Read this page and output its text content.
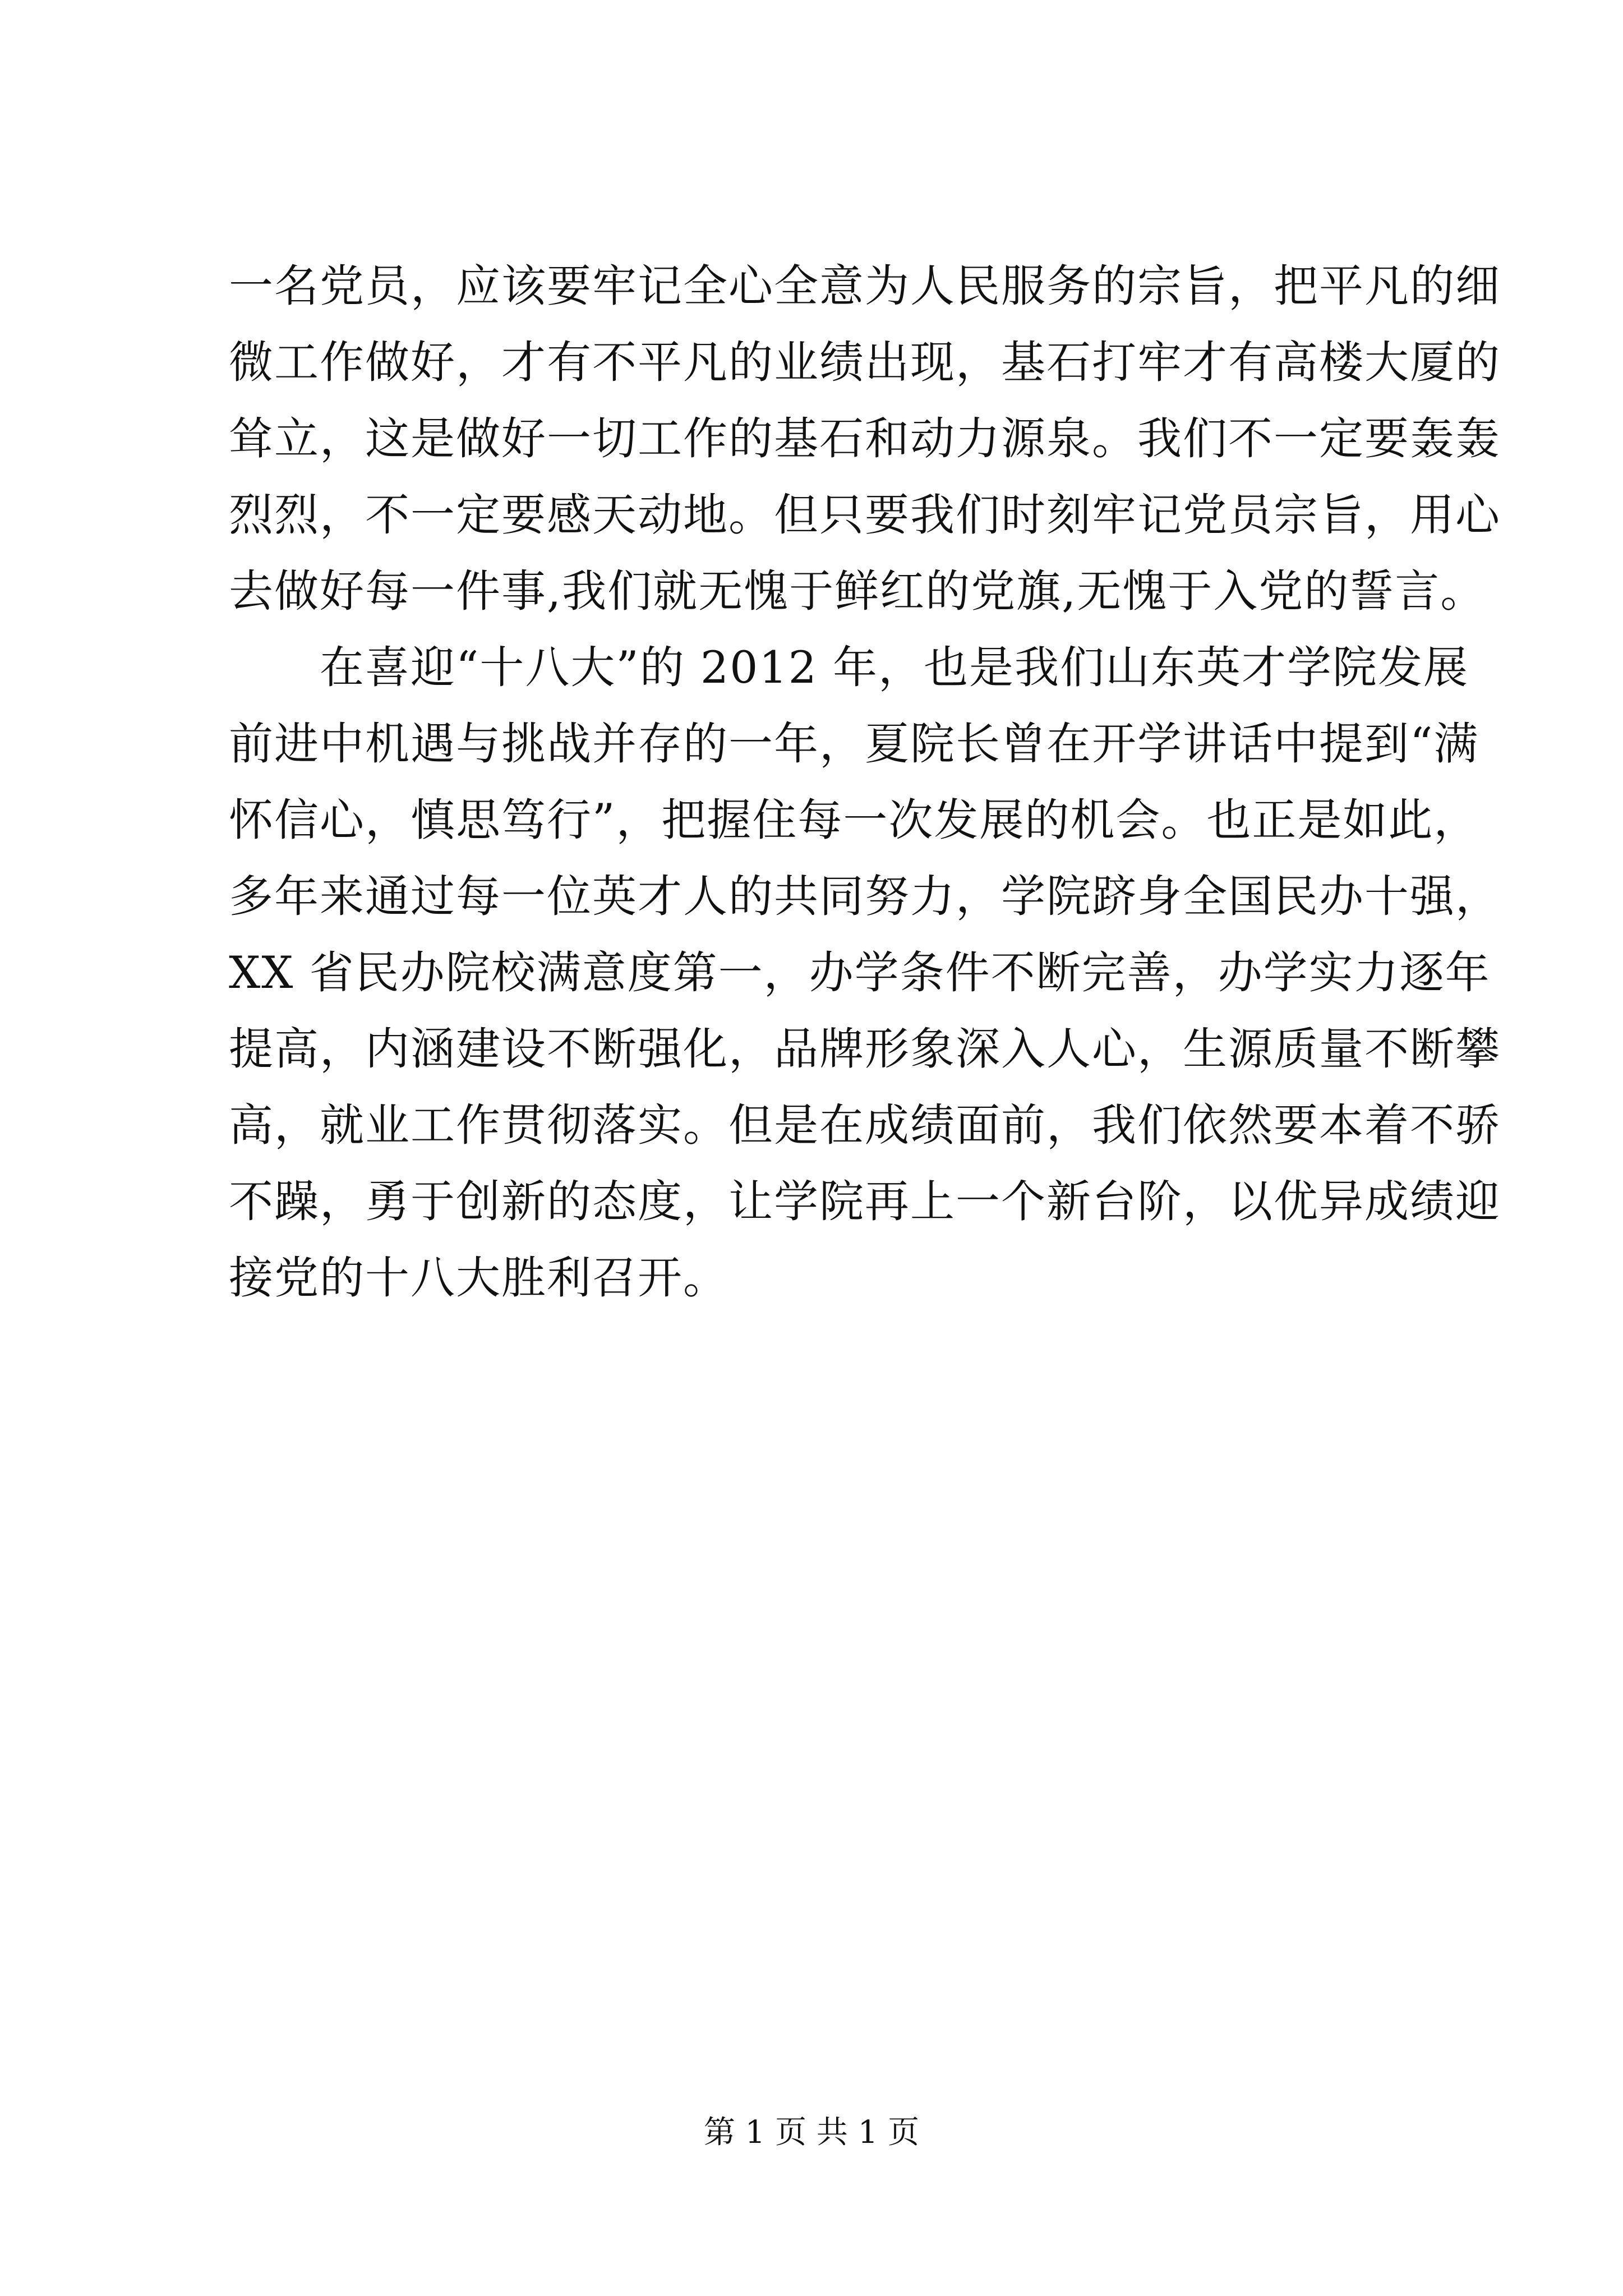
一名党员，应该要牢记全心全意为人民服务的宗旨，把平凡的细
微工作做好，才有不平凡的业绩出现，基石打牢才有高楼大厦的
耸立，这是做好一切工作的基石和动力源泉。我们不一定要轰轰
烈烈，不一定要感天动地。但只要我们时刻牢记党员宗旨，用心
去做好每一件事,我们就无愧于鲜红的党旗,无愧于入党的誓言。
　　在喜迎“十八大”的 2012 年，也是我们山东英才学院发展
前进中机遇与挑战并存的一年，夏院长曾在开学讲话中提到“满
怀信心，慎思笃行”，把握住每一次发展的机会。也正是如此，
多年来通过每一位英才人的共同努力，学院跻身全国民办十强，
XX 省民办院校满意度第一，办学条件不断完善，办学实力逐年
提高，内涵建设不断强化，品牌形象深入人心，生源质量不断攀
高，就业工作贯彻落实。但是在成绩面前，我们依然要本着不骄
不躁，勇于创新的态度，让学院再上一个新台阶，以优异成绩迎
接党的十八大胜利召开。
第 1 页 共 1 页
